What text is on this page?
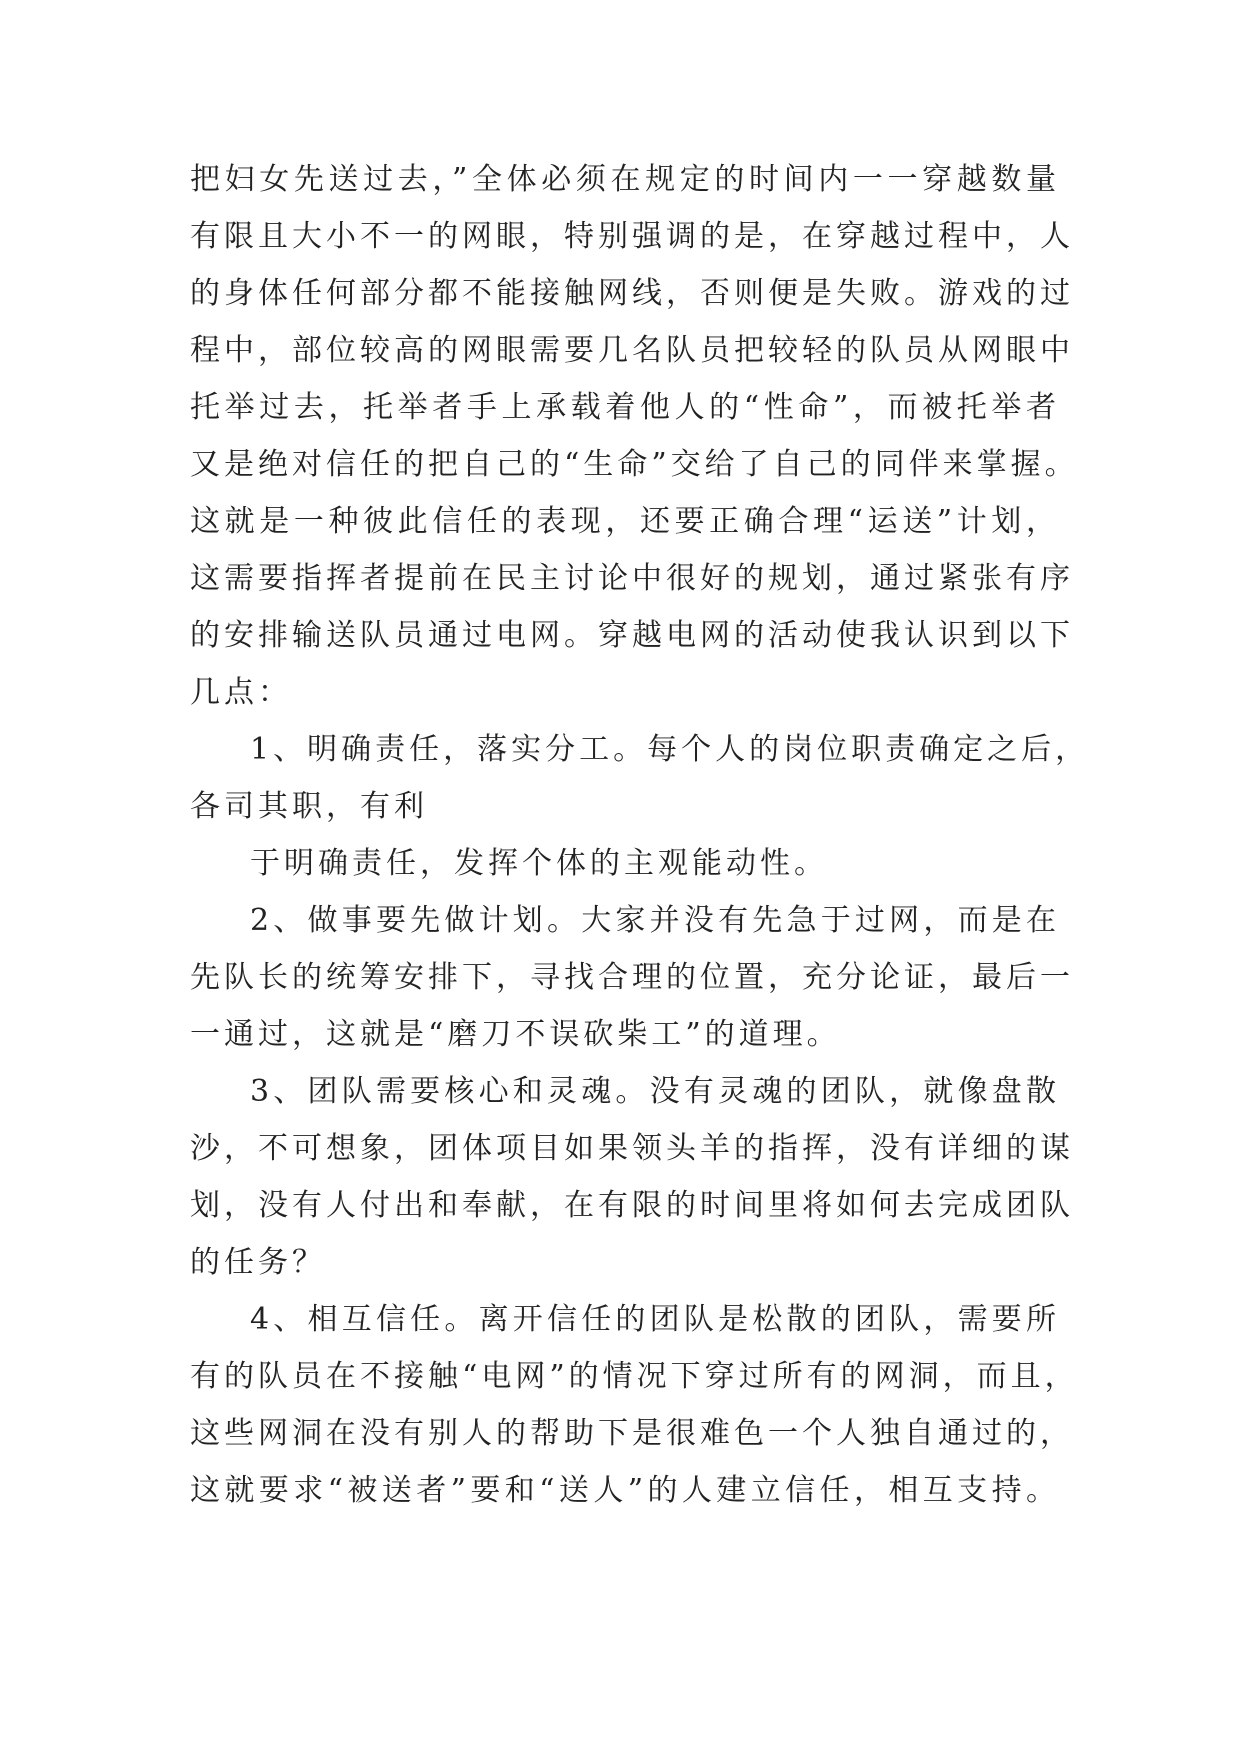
把妇女先送过去，”全体必须在规定的时间内一一穿越数量
有限且大小不一的网眼，特别强调的是，在穿越过程中，人
的身体任何部分都不能接触网线，否则便是失败。游戏的过
程中，部位较高的网眼需要几名队员把较轻的队员从网眼中
托举过去，托举者手上承载着他人的“性命”，而被托举者
又是绝对信任的把自己的“生命”交给了自己的同伴来掌握。
这就是一种彼此信任的表现，还要正确合理“运送”计划，
这需要指挥者提前在民主讨论中很好的规划，通过紧张有序
的安排输送队员通过电网。穿越电网的活动使我认识到以下
几点：
1、明确责任，落实分工。每个人的岗位职责确定之后，
各司其职，有利
于明确责任，发挥个体的主观能动性。
2、做事要先做计划。大家并没有先急于过网，而是在
先队长的统筹安排下，寻找合理的位置，充分论证，最后一
一通过，这就是“磨刀不误砍柴工”的道理。
3、团队需要核心和灵魂。没有灵魂的团队，就像盘散
沙，不可想象，团体项目如果领头羊的指挥，没有详细的谋
划，没有人付出和奉献，在有限的时间里将如何去完成团队
的任务？
4、相互信任。离开信任的团队是松散的团队，需要所
有的队员在不接触“电网”的情况下穿过所有的网洞，而且，
这些网洞在没有别人的帮助下是很难色一个人独自通过的，
这就要求“被送者”要和“送人”的人建立信任，相互支持。
